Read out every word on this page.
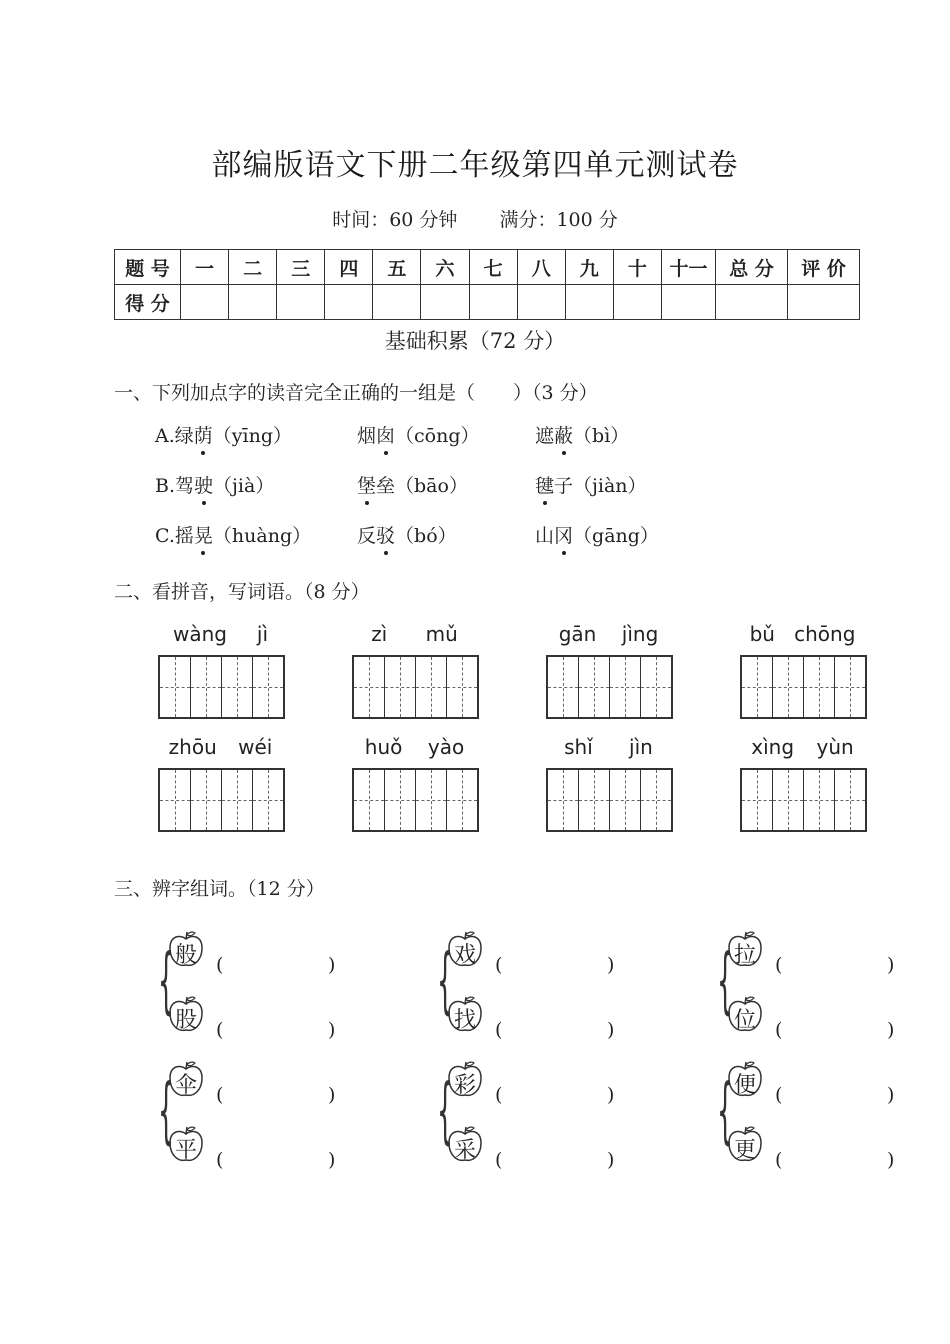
部编版语文下册二年级第四单元测试卷
时间：60 分钟 满分：100 分
题 号	一	二	三	四	五	六	七	八	九	十	十一	总 分	评 价
得 分													
基础积累（72 分）
一、下列加点字的读音完全正确的一组是（　　）（3 分）
A.绿荫（yīng）	烟囱（cōng）	遮蔽（bì）
B.驾驶（jià）	堡垒（bāo）	毽子（jiàn）
C.摇晃（huàng） 反驳（bó）	山冈（gāng）
二、看拼音，写词语。（8 分）
wàng jì	zì mǔ	gān jìng	bǔ chōng
zhōu wéi	huǒ yào	shǐ jìn	xìng yùn
三、辨字组词。（12 分）
{ 般	(	)
股	(	)
{ 戏	(	)
找	(	)
{ 拉	(	)
位	(	)
{ 伞	(	)
平	(	)
{ 彩	(	)
采	(	)
{ 便	(	)
更	(	)
